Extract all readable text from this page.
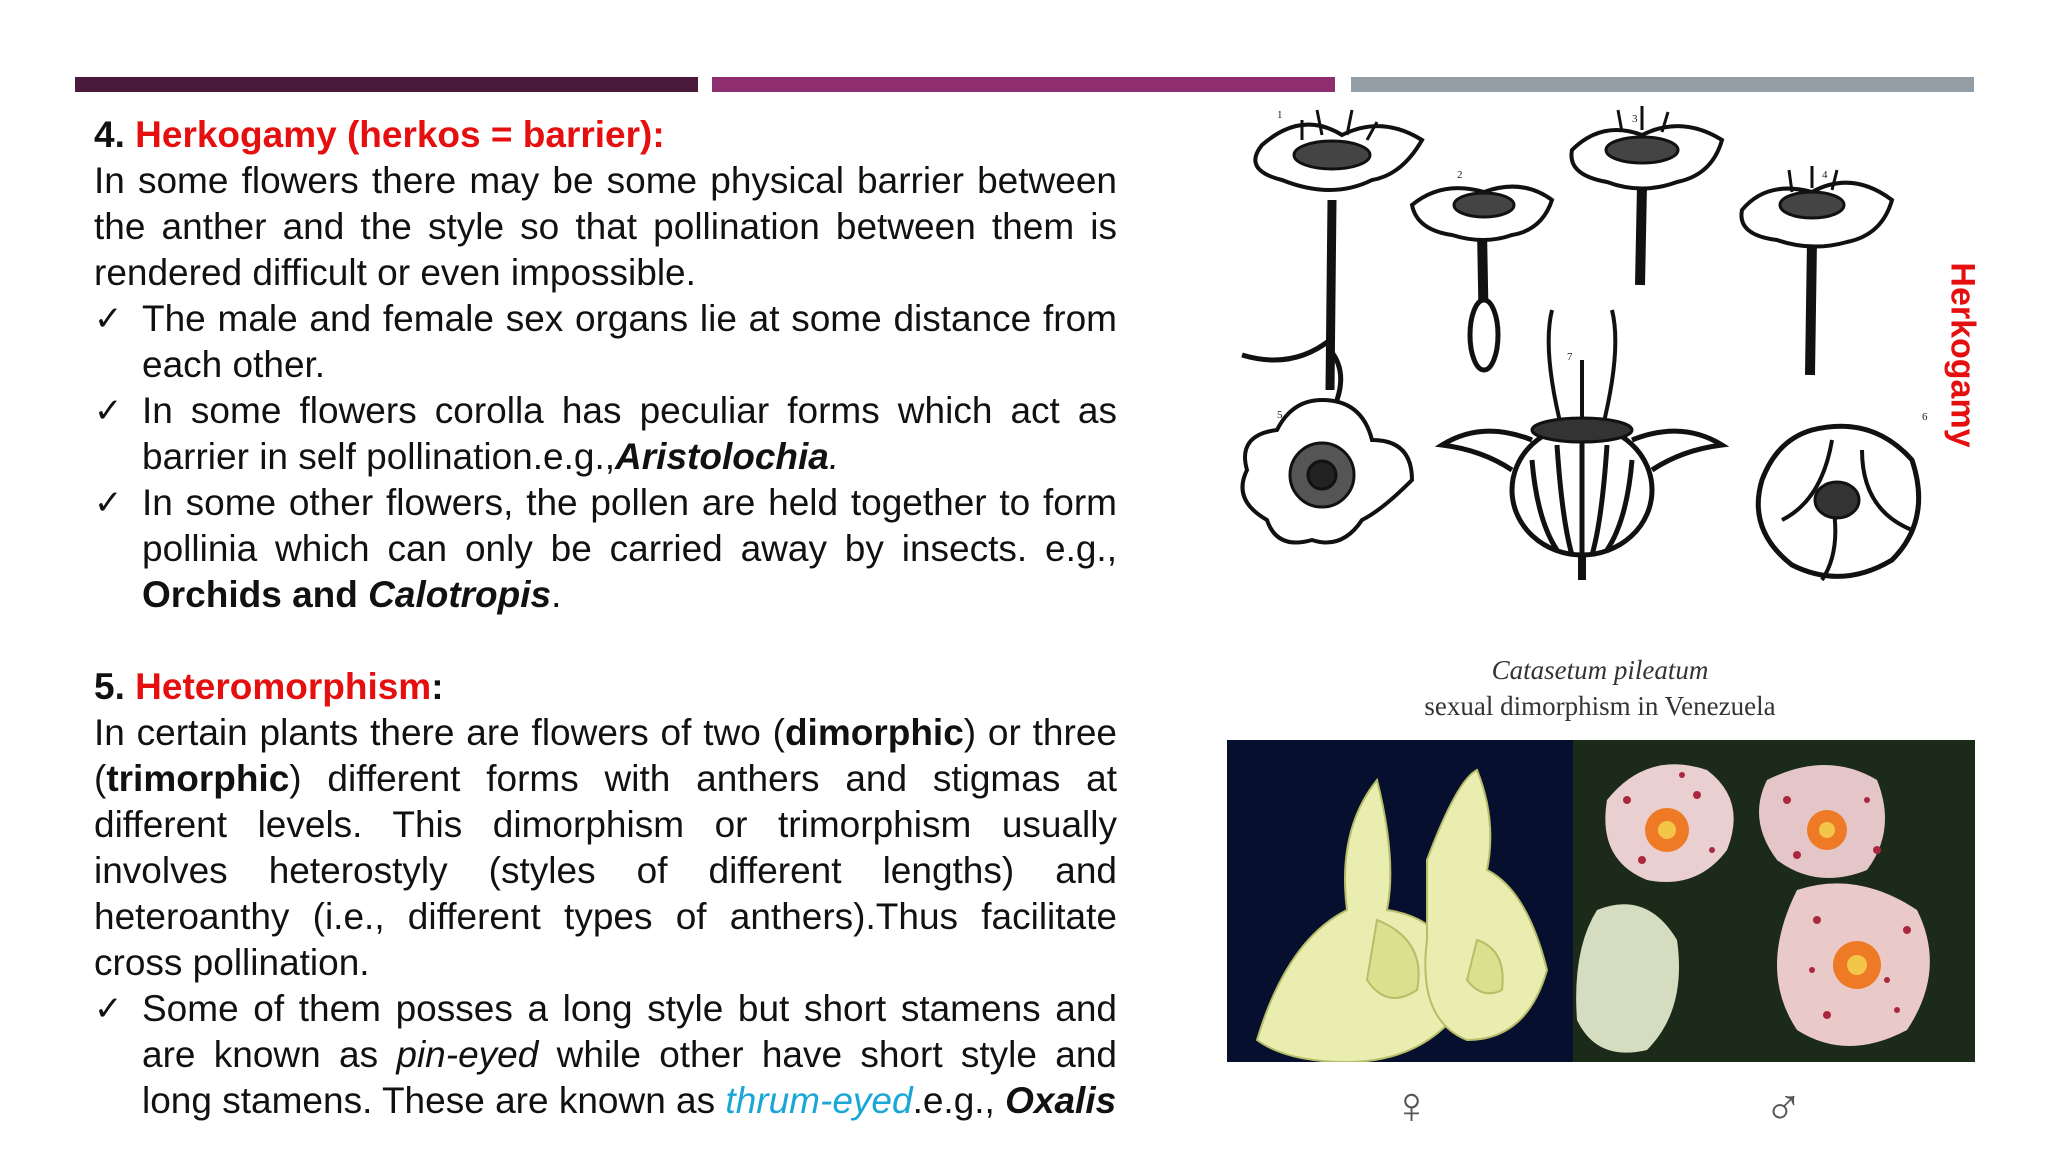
4. Herkogamy (herkos = barrier):

In some flowers there may be some physical barrier between the anther and the style so that pollination between them is rendered difficult or even impossible.

✓ The male and female sex organs lie at some distance from each other.
✓ In some flowers corolla has peculiar forms which act as barrier in self pollination.e.g.,Aristolochia.
✓ In some other flowers, the pollen are held together to form pollinia which can only be carried away by insects. e.g., Orchids and Calotropis.

5. Heteromorphism:

In certain plants there are flowers of two (dimorphic) or three (trimorphic) different forms with anthers and stigmas at different levels. This dimorphism or trimorphism usually involves heterostyly (styles of different lengths) and heteroanthy (i.e., different types of anthers).Thus facilitate cross pollination.

✓ Some of them posses a long style but short stamens and are known as pin-eyed while other have short style and long stamens. These are known as thrum-eyed.e.g., Oxalis
1
2
3
4
5	6
7	Herkogamy
Catasetum pileatum
sexual dimorphism in Venezuela
♀	♂
